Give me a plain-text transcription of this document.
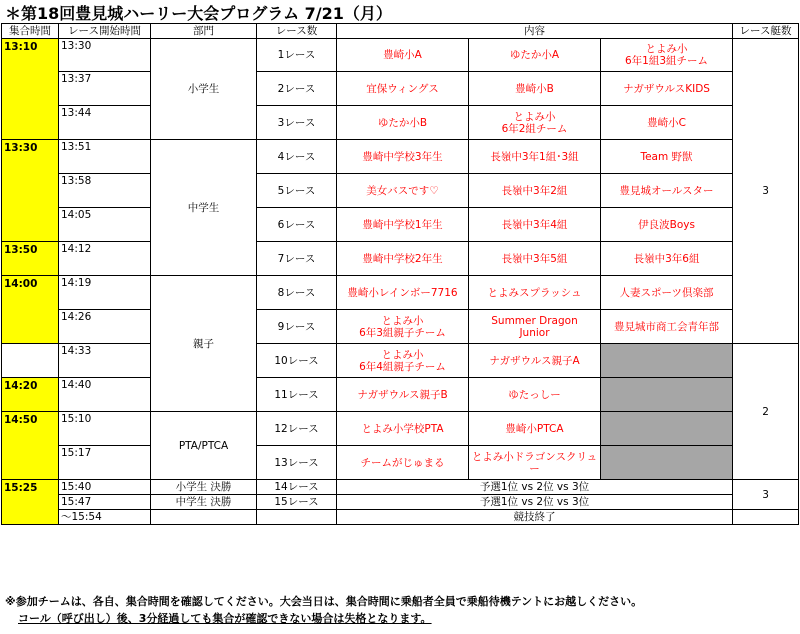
＊第18回豊見城ハーリー大会プログラム 7/21（月）
集合時間	レース開始時間	部門	レース数	内容			レース艇数
13:10	13:30	小学生	1レース	豊崎小A	ゆたか小A	とよみ小
6年1組3組チーム	3
	13:37		2レース	宜保ウィングス	豊崎小B	ナガザウルスKIDS	
	13:44		3レース	ゆたか小B	とよみ小
6年2組チーム	豊崎小C	
13:30	13:51	中学生	4レース	豊崎中学校3年生	長嶺中3年1組･3組	Team 野獣	
	13:58		5レース	美女バスです♡	長嶺中3年2組	豊見城オールスター	
	14:05		6レース	豊崎中学校1年生	長嶺中3年4組	伊良波Boys	
13:50	14:12		7レース	豊崎中学校2年生	長嶺中3年5組	長嶺中3年6組	
14:00	14:19	親子	8レース	豊崎小レインボー7716	とよみスプラッシュ	人妻スポーツ倶楽部	
	14:26		9レース	とよみ小
6年3組親子チーム	Summer Dragon
Junior	豊見城市商工会青年部	
	14:33		10レース	とよみ小
6年4組親子チーム	ナガザウルス親子A		2
14:20	14:40		11レース	ナガザウルス親子B	ゆたっしー		
14:50	15:10	PTA/PTCA	12レース	とよみ小学校PTA	豊崎小PTCA		
	15:17		13レース	チームがじゅまる	とよみ小ドラゴンスクリュー		
15:25	15:40	小学生 決勝	14レース	予選1位 vs 2位 vs 3位			3
	15:47	中学生 決勝	15レース	予選1位 vs 2位 vs 3位			
	～15:54			競技終了			
※参加チームは、各自、集合時間を確認してください。大会当日は、集合時間に乗船者全員で乗船待機テントにお越しください。
コール（呼び出し）後、3分経過しても集合が確認できない場合は失格となります。
